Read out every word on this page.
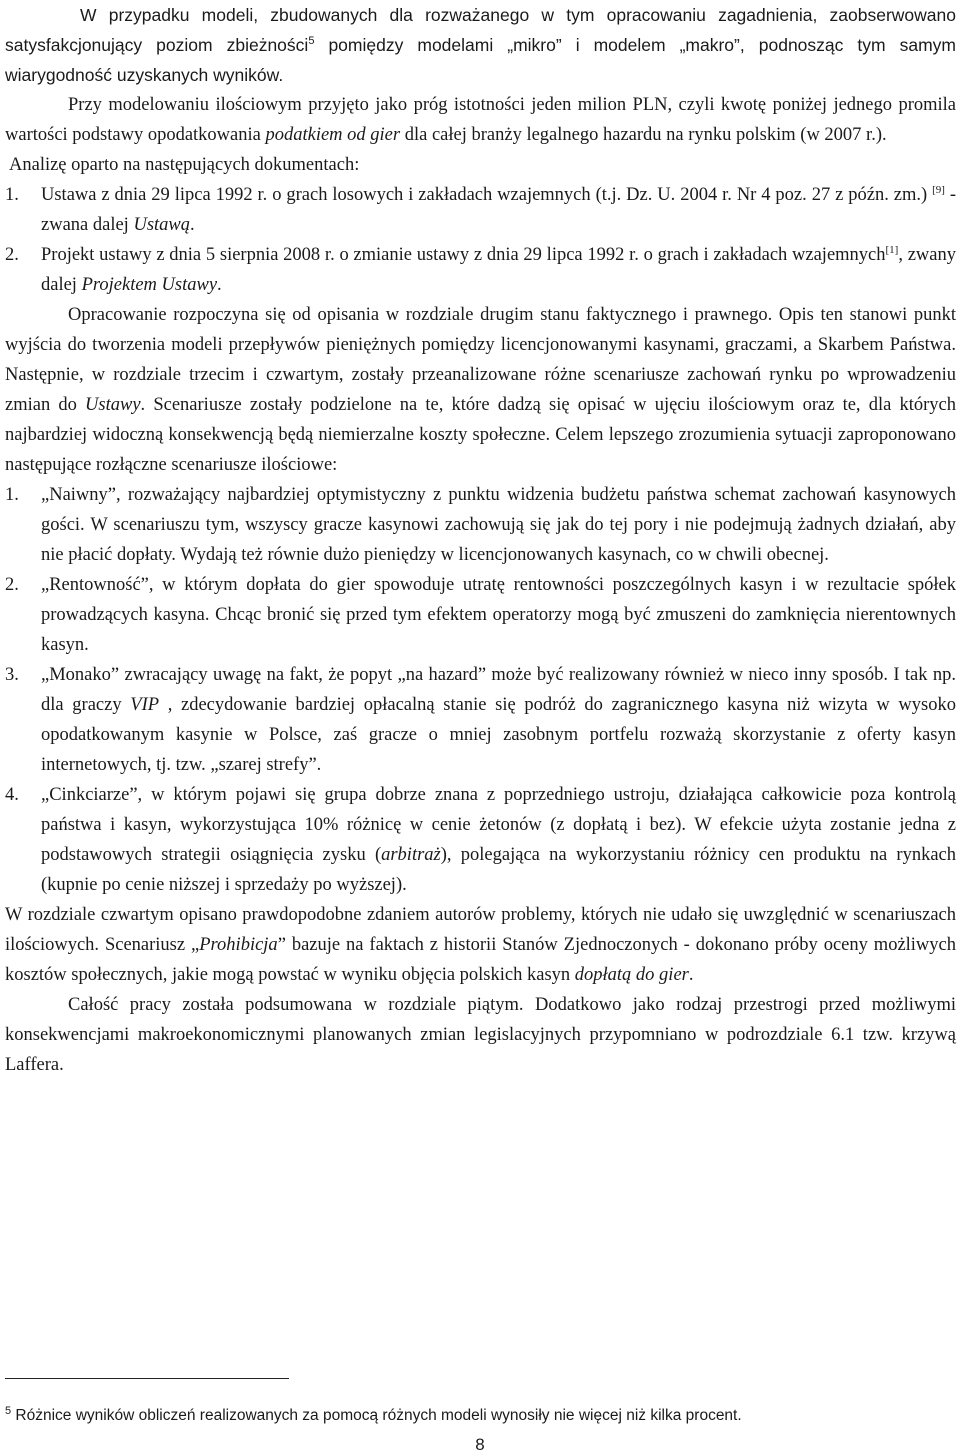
W przypadku modeli, zbudowanych dla rozważanego w tym opracowaniu zagadnienia, zaobserwowano satysfakcjonujący poziom zbieżności$^5$ pomiędzy modelami „mikro” i modelem „makro”, podnosząc tym samym wiarygodność uzyskanych wyników.

Przy modelowaniu ilościowym przyjęto jako próg istotności jeden milion PLN, czyli kwotę poniżej jednego promila wartości podstawy opodatkowania podatkiem od gier dla całej branży legalnego hazardu na rynku polskim (w 2007 r.).

Analizę oparto na następujących dokumentach:

1.	Ustawa z dnia 29 lipca 1992 r. o grach losowych i zakładach wzajemnych (t.j. Dz. U. 2004 r. Nr 4 poz. 27 z późn. zm.) [9] - zwana dalej Ustawą.
2.	Projekt ustawy z dnia 5 sierpnia 2008 r. o zmianie ustawy z dnia 29 lipca 1992 r. o grach i zakładach wzajemnych[1], zwany dalej Projektem Ustawy.

Opracowanie rozpoczyna się od opisania w rozdziale drugim stanu faktycznego i prawnego. Opis ten stanowi punkt wyjścia do tworzenia modeli przepływów pieniężnych pomiędzy licencjonowanymi kasynami, graczami, a Skarbem Państwa. Następnie, w rozdziale trzecim i czwartym, zostały przeanalizowane różne scenariusze zachowań rynku po wprowadzeniu zmian do Ustawy. Scenariusze zostały podzielone na te, które dadzą się opisać w ujęciu ilościowym oraz te, dla których najbardziej widoczną konsekwencją będą niemierzalne koszty społeczne. Celem lepszego zrozumienia sytuacji zaproponowano następujące rozłączne scenariusze ilościowe:

1.	„Naiwny”, rozważający najbardziej optymistyczny z punktu widzenia budżetu państwa schemat zachowań kasynowych gości. W scenariuszu tym, wszyscy gracze kasynowi zachowują się jak do tej pory i nie podejmują żadnych działań, aby nie płacić dopłaty. Wydają też równie dużo pieniędzy w licencjonowanych kasynach, co w chwili obecnej.
2.	„Rentowność”, w którym dopłata do gier spowoduje utratę rentowności poszczególnych kasyn i w rezultacie spółek prowadzących kasyna. Chcąc bronić się przed tym efektem operatorzy mogą być zmuszeni do zamknięcia nierentownych kasyn.
3.	„Monako” zwracający uwagę na fakt, że popyt „na hazard” może być realizowany również w nieco inny sposób. I tak np. dla graczy VIP , zdecydowanie bardziej opłacalną stanie się podróż do zagranicznego kasyna niż wizyta w wysoko opodatkowanym kasynie w Polsce, zaś gracze o mniej zasobnym portfelu rozważą skorzystanie z oferty kasyn internetowych, tj. tzw. „szarej strefy”.
4.	„Cinkciarze”, w którym pojawi się grupa dobrze znana z poprzedniego ustroju, działająca całkowicie poza kontrolą państwa i kasyn, wykorzystująca 10% różnicę w cenie żetonów (z dopłatą i bez). W efekcie użyta zostanie jedna z podstawowych strategii osiągnięcia zysku (arbitraż), polegająca na wykorzystaniu różnicy cen produktu na rynkach (kupnie po cenie niższej i sprzedaży po wyższej).

W rozdziale czwartym opisano prawdopodobne zdaniem autorów problemy, których nie udało się uwzględnić w scenariuszach ilościowych. Scenariusz „Prohibicja” bazuje na faktach z historii Stanów Zjednoczonych - dokonano próby oceny możliwych kosztów społecznych, jakie mogą powstać w wyniku objęcia polskich kasyn dopłatą do gier.

Całość pracy została podsumowana w rozdziale piątym. Dodatkowo jako rodzaj przestrogi przed możliwymi konsekwencjami makroekonomicznymi planowanych zmian legislacyjnych przypomniano w podrozdziale 6.1 tzw. krzywą Laffera.

$^5$ Różnice wyników obliczeń realizowanych za pomocą różnych modeli wynosiły nie więcej niż kilka procent.

8
